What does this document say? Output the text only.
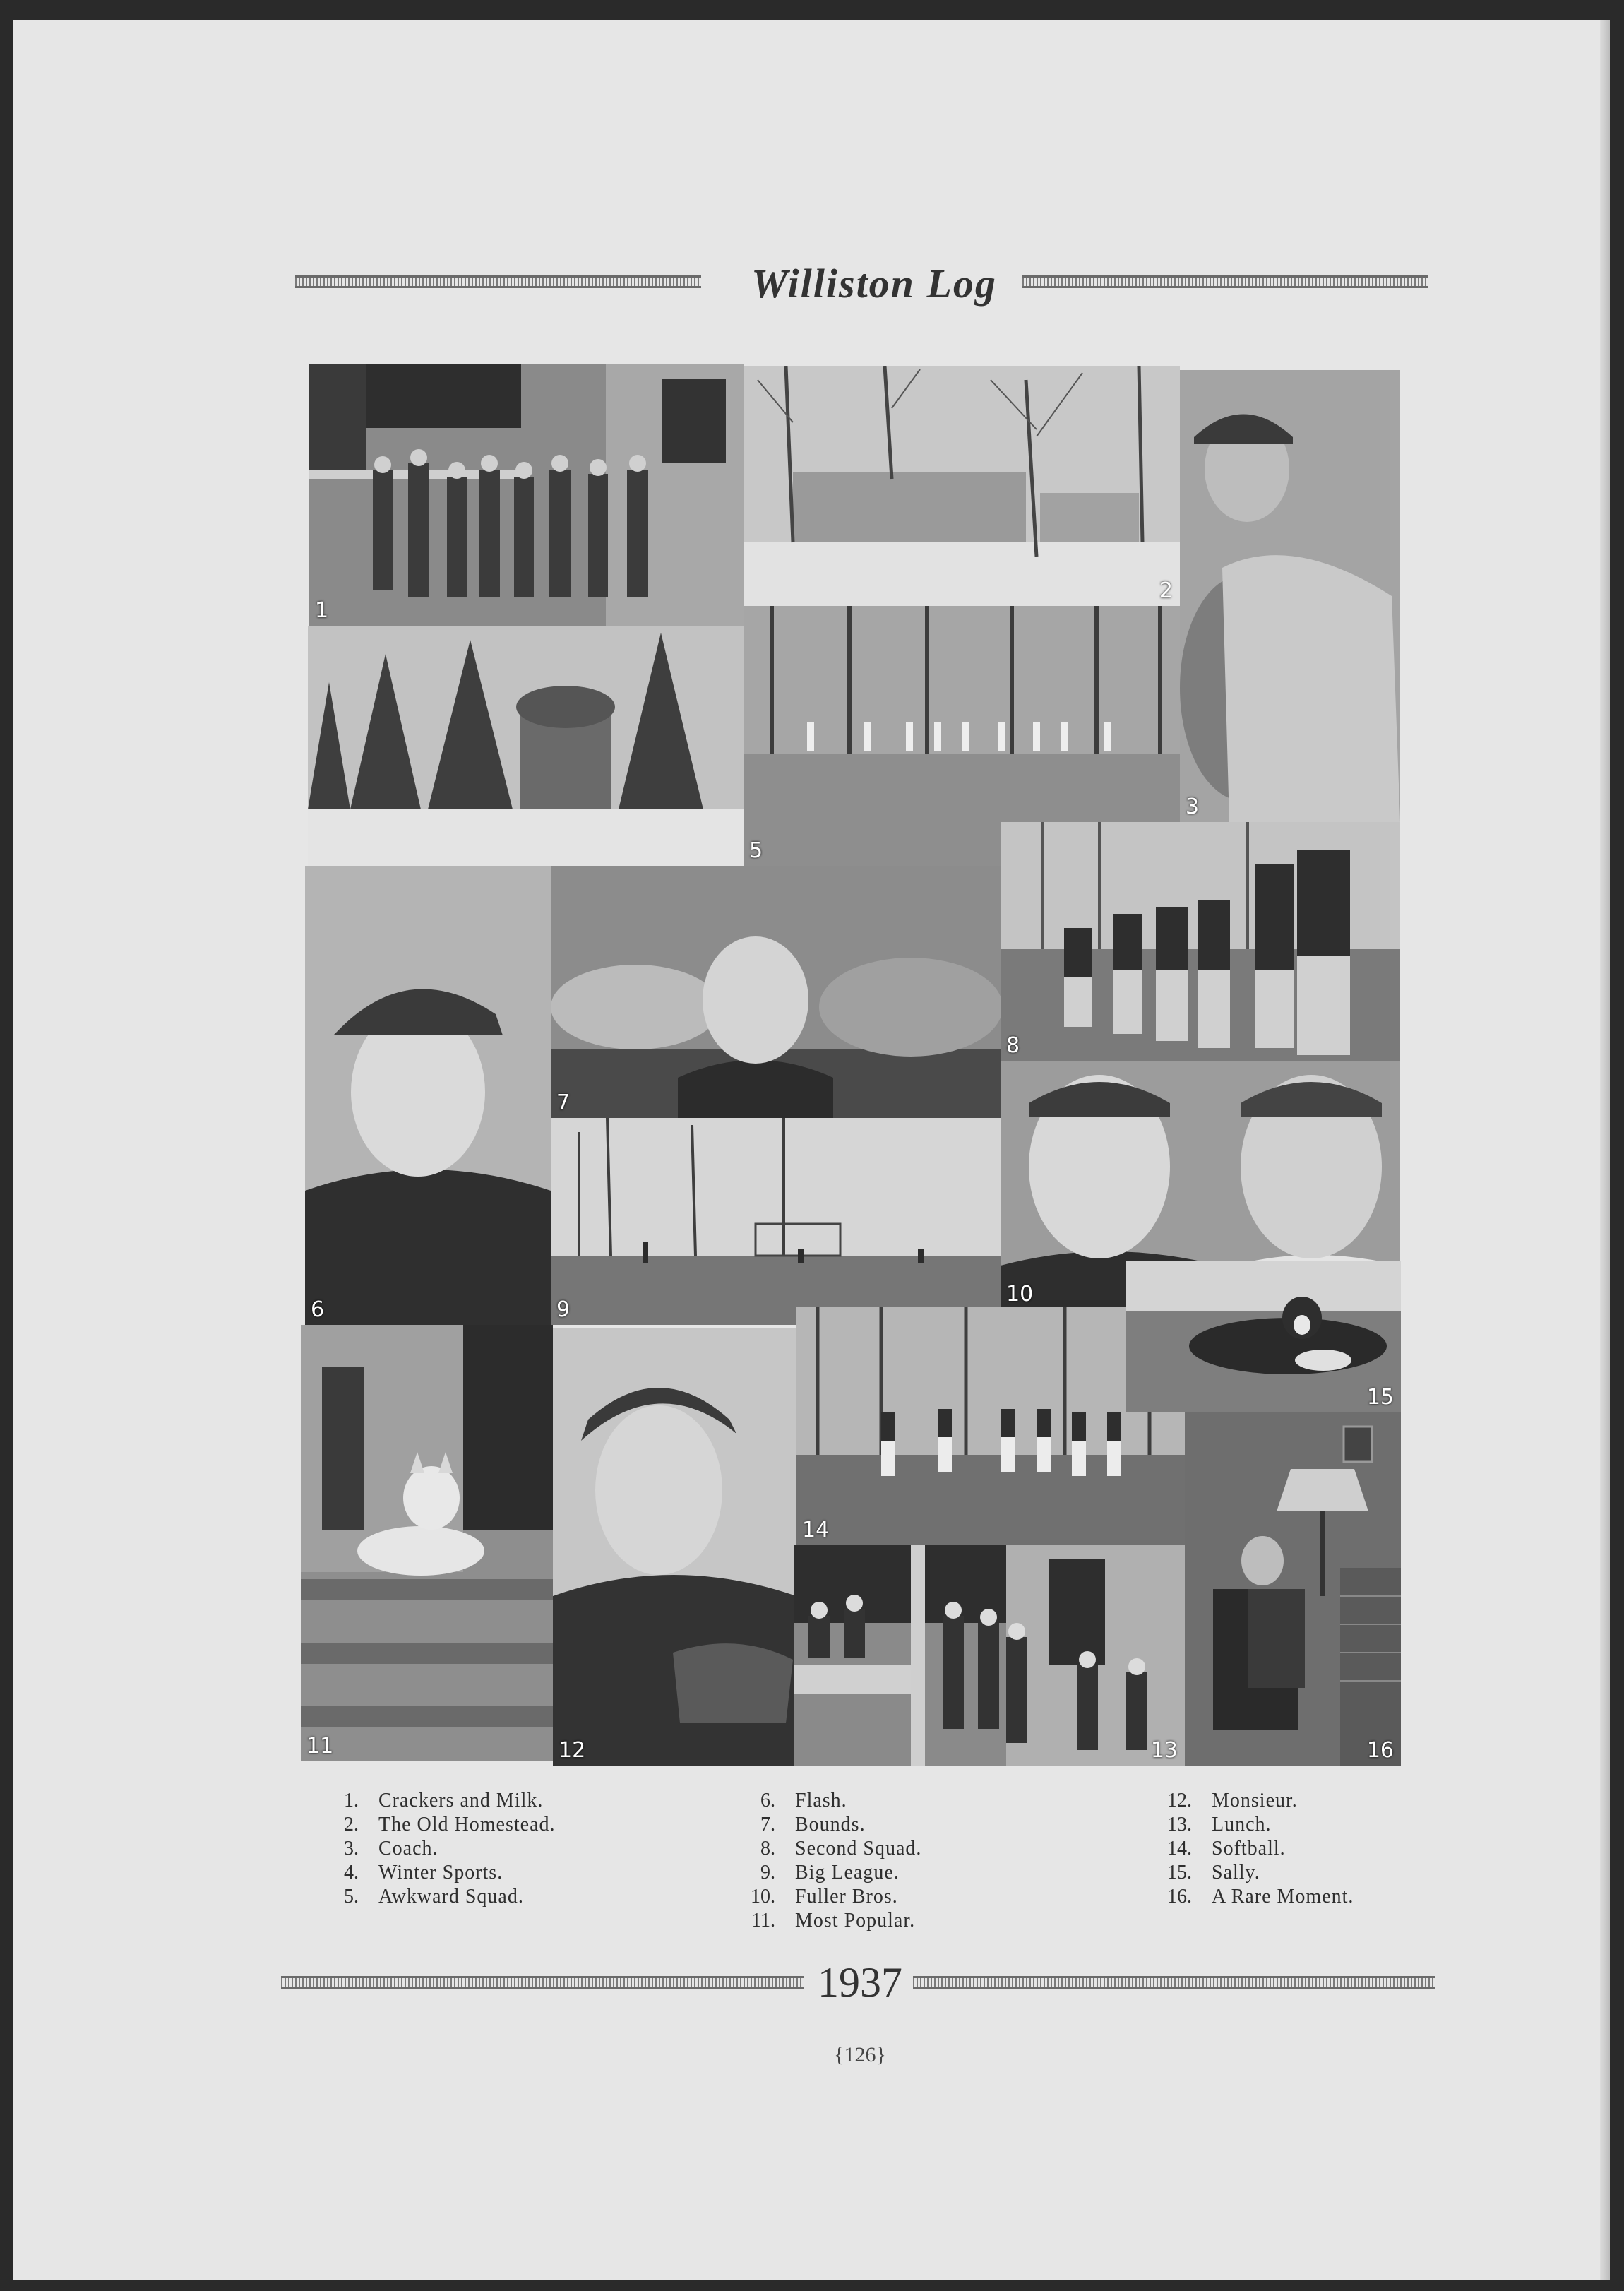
Williston Log
1
2
3
5
6
7
8
9
10
11	12
14
15
13	16
1.	Crackers and Milk.
2.	The Old Homestead.
3.	Coach.
4.	Winter Sports.
5.	Awkward Squad.
6.	Flash.
7.	Bounds.
8.	Second Squad.
9.	Big League.
10.	Fuller Bros.
11.	Most Popular.
12.	Monsieur.
13.	Lunch.
14.	Softball.
15.	Sally.
16.	A Rare Moment.
1937
{126}
